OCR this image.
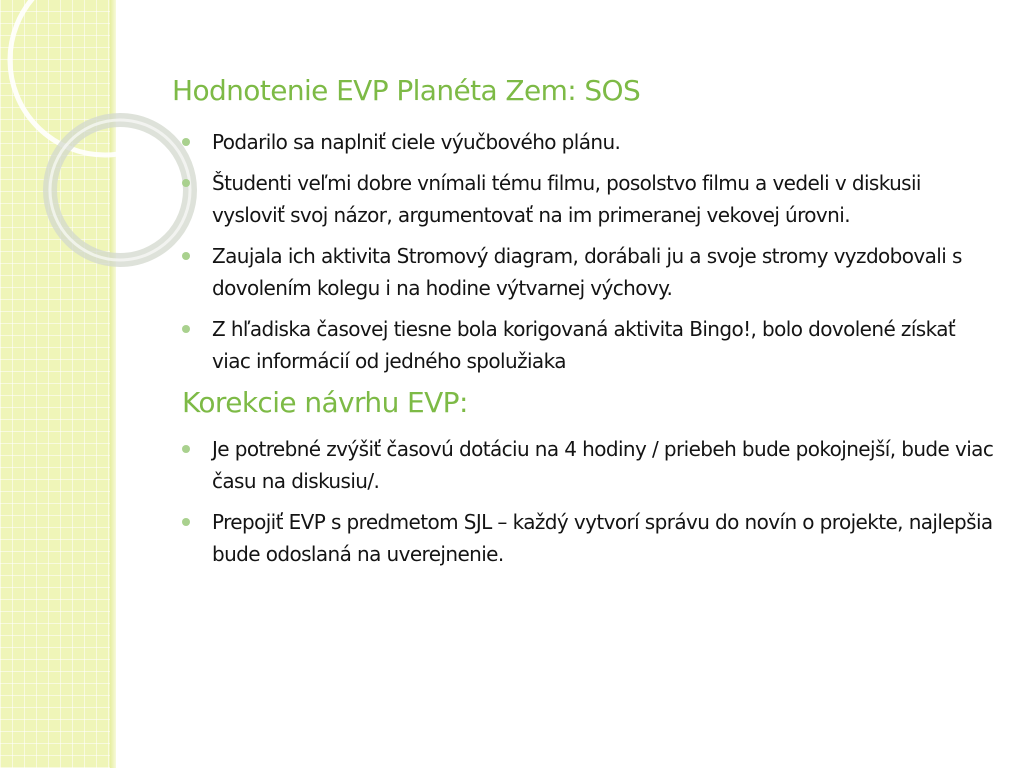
Hodnotenie EVP Planéta Zem: SOS
Podarilo sa naplniť ciele výučbového plánu.
Študenti veľmi dobre vnímali tému filmu, posolstvo filmu a vedeli v diskusii vysloviť svoj názor, argumentovať na im primeranej vekovej úrovni.
Zaujala ich aktivita Stromový diagram, dorábali ju a svoje stromy vyzdobovali s dovolením kolegu i na hodine výtvarnej výchovy.
Z hľadiska časovej tiesne bola korigovaná aktivita Bingo!, bolo dovolené získať viac informácií od jedného spolužiaka
Korekcie návrhu EVP:
Je potrebné zvýšiť časovú dotáciu na 4 hodiny / priebeh bude pokojnejší, bude viac času na diskusiu/.
Prepojiť EVP s predmetom SJL – každý vytvorí správu do novín o projekte, najlepšia bude odoslaná na uverejnenie.
